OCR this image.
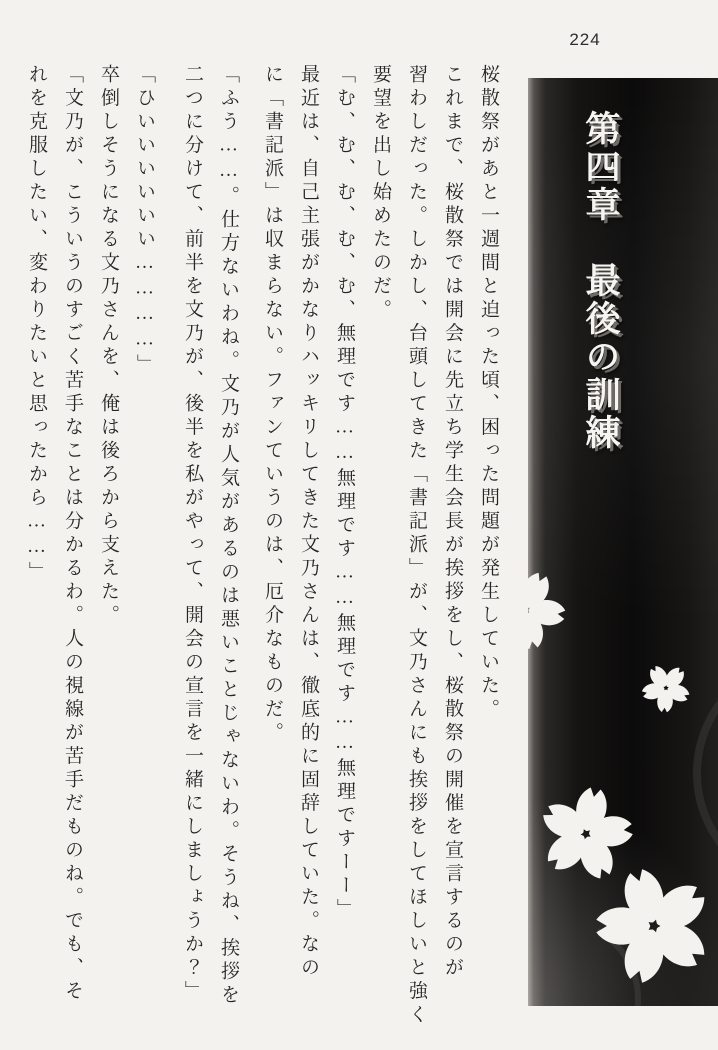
224
第四章　最後の訓練
桜散祭があと一週間と迫った頃、困った問題が発生していた。
これまで、桜散祭では開会に先立ち学生会長が挨拶をし、桜散祭の開催を宣言するのが
習わしだった。しかし、台頭してきた「書記派」が、文乃さんにも挨拶をしてほしいと強く
要望を出し始めたのだ。
「む、む、む、む、む、無理です……無理です……無理です……無理ですーー」
最近は、自己主張がかなりハッキリしてきた文乃さんは、徹底的に固辞していた。なの
に「書記派」は収まらない。ファンていうのは、厄介なものだ。
「ふう……。仕方ないわね。文乃が人気があるのは悪いことじゃないわ。そうね、挨拶を
二つに分けて、前半を文乃が、後半を私がやって、開会の宣言を一緒にしましょうか？」
「ひいいいいいい…………」
卒倒しそうになる文乃さんを、俺は後ろから支えた。
「文乃が、こういうのすごく苦手なことは分かるわ。人の視線が苦手だものね。でも、そ
れを克服したい、変わりたいと思ったから……」
